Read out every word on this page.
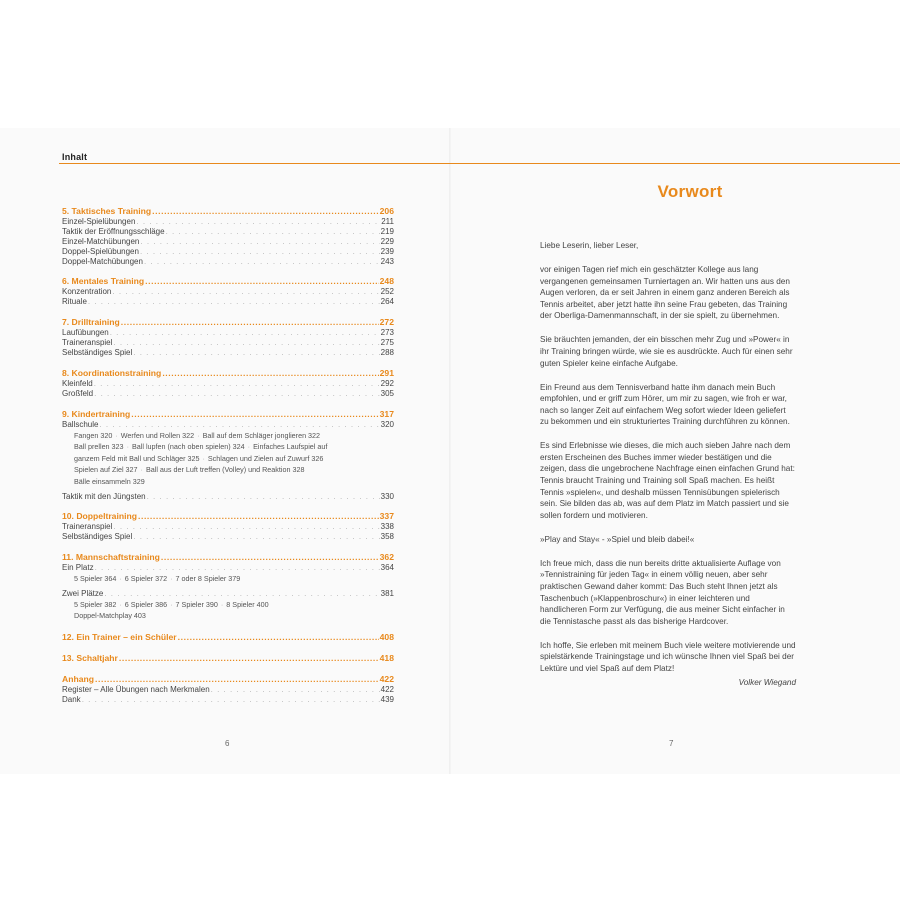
Inhalt
5. Taktisches Training .....	206
Einzel-Spielübungen . . .	211
Taktik der Eröffnungsschläge . . .	219
Einzel-Matchübungen . . .	229
Doppel-Spielübungen . . .	239
Doppel-Matchübungen . . .	243
6. Mentales Training .....	248
Konzentration . . .	252
Rituale . . .	264
7. Drilltraining .....	272
Laufübungen . . .	273
Traineranspiel . . .	275
Selbständiges Spiel . . .	288
8. Koordinationstraining .....	291
Kleinfeld . . .	292
Großfeld . . .	305
9. Kindertraining .....	317
Ballschule . . .	320
Fangen 320 · Werfen und Rollen 322 · Ball auf dem Schläger jonglieren 322
Ball prellen 323 · Ball lupfen (nach oben spielen) 324 · Einfaches Laufspiel auf
ganzem Feld mit Ball und Schläger 325 · Schlagen und Zielen auf Zuwurf 326
Spielen auf Ziel 327 · Ball aus der Luft treffen (Volley) und Reaktion 328
Bälle einsammeln 329
Taktik mit den Jüngsten . . .	330
10. Doppeltraining .....	337
Traineranspiel . . .	338
Selbständiges Spiel . . .	358
11. Mannschaftstraining .....	362
Ein Platz . . .	364
5 Spieler 364 · 6 Spieler 372 · 7 oder 8 Spieler 379
Zwei Plätze . . .	381
5 Spieler 382 · 6 Spieler 386 · 7 Spieler 390 · 8 Spieler 400
Doppel-Matchplay 403
12. Ein Trainer – ein Schüler .....	408
13. Schaltjahr .....	418
Anhang .....	422
Register – Alle Übungen nach Merkmalen . . .	422
Dank . . .	439
6	7
Vorwort

Liebe Leserin, lieber Leser,

vor einigen Tagen rief mich ein geschätzter Kollege aus lang vergangenen gemeinsamen Turniertagen an. Wir hatten uns aus den Augen verloren, da er seit Jahren in einem ganz anderen Bereich als Tennis arbeitet, aber jetzt hatte ihn seine Frau gebeten, das Training der Oberliga-Damenmannschaft, in der sie spielt, zu übernehmen.

Sie bräuchten jemanden, der ein bisschen mehr Zug und »Power« in ihr Training bringen würde, wie sie es ausdrückte. Auch für einen sehr guten Spieler keine einfache Aufgabe.

Ein Freund aus dem Tennisverband hatte ihm danach mein Buch empfohlen, und er griff zum Hörer, um mir zu sagen, wie froh er war, nach so langer Zeit auf einfachem Weg sofort wieder Ideen geliefert zu bekommen und ein strukturiertes Training durchführen zu können.

Es sind Erlebnisse wie dieses, die mich auch sieben Jahre nach dem ersten Erscheinen des Buches immer wieder bestätigen und die zeigen, dass die ungebrochene Nachfrage einen einfachen Grund hat: Tennis braucht Training und Training soll Spaß machen. Es heißt Tennis »spielen«, und deshalb müssen Tennisübungen spielerisch sein. Sie bilden das ab, was auf dem Platz im Match passiert und sie sollen fordern und motivieren.

»Play and Stay« - »Spiel und bleib dabei!«

Ich freue mich, dass die nun bereits dritte aktualisierte Auflage von »Tennistraining für jeden Tag« in einem völlig neuen, aber sehr praktischen Gewand daher kommt: Das Buch steht Ihnen jetzt als Taschenbuch (»Klappenbroschur«) in einer leichteren und handlicheren Form zur Verfügung, die aus meiner Sicht einfacher in die Tennistasche passt als das bisherige Hardcover.

Ich hoffe, Sie erleben mit meinem Buch viele weitere motivierende und spielstärkende Trainingstage und ich wünsche Ihnen viel Spaß bei der Lektüre und viel Spaß auf dem Platz!

Volker Wiegand
